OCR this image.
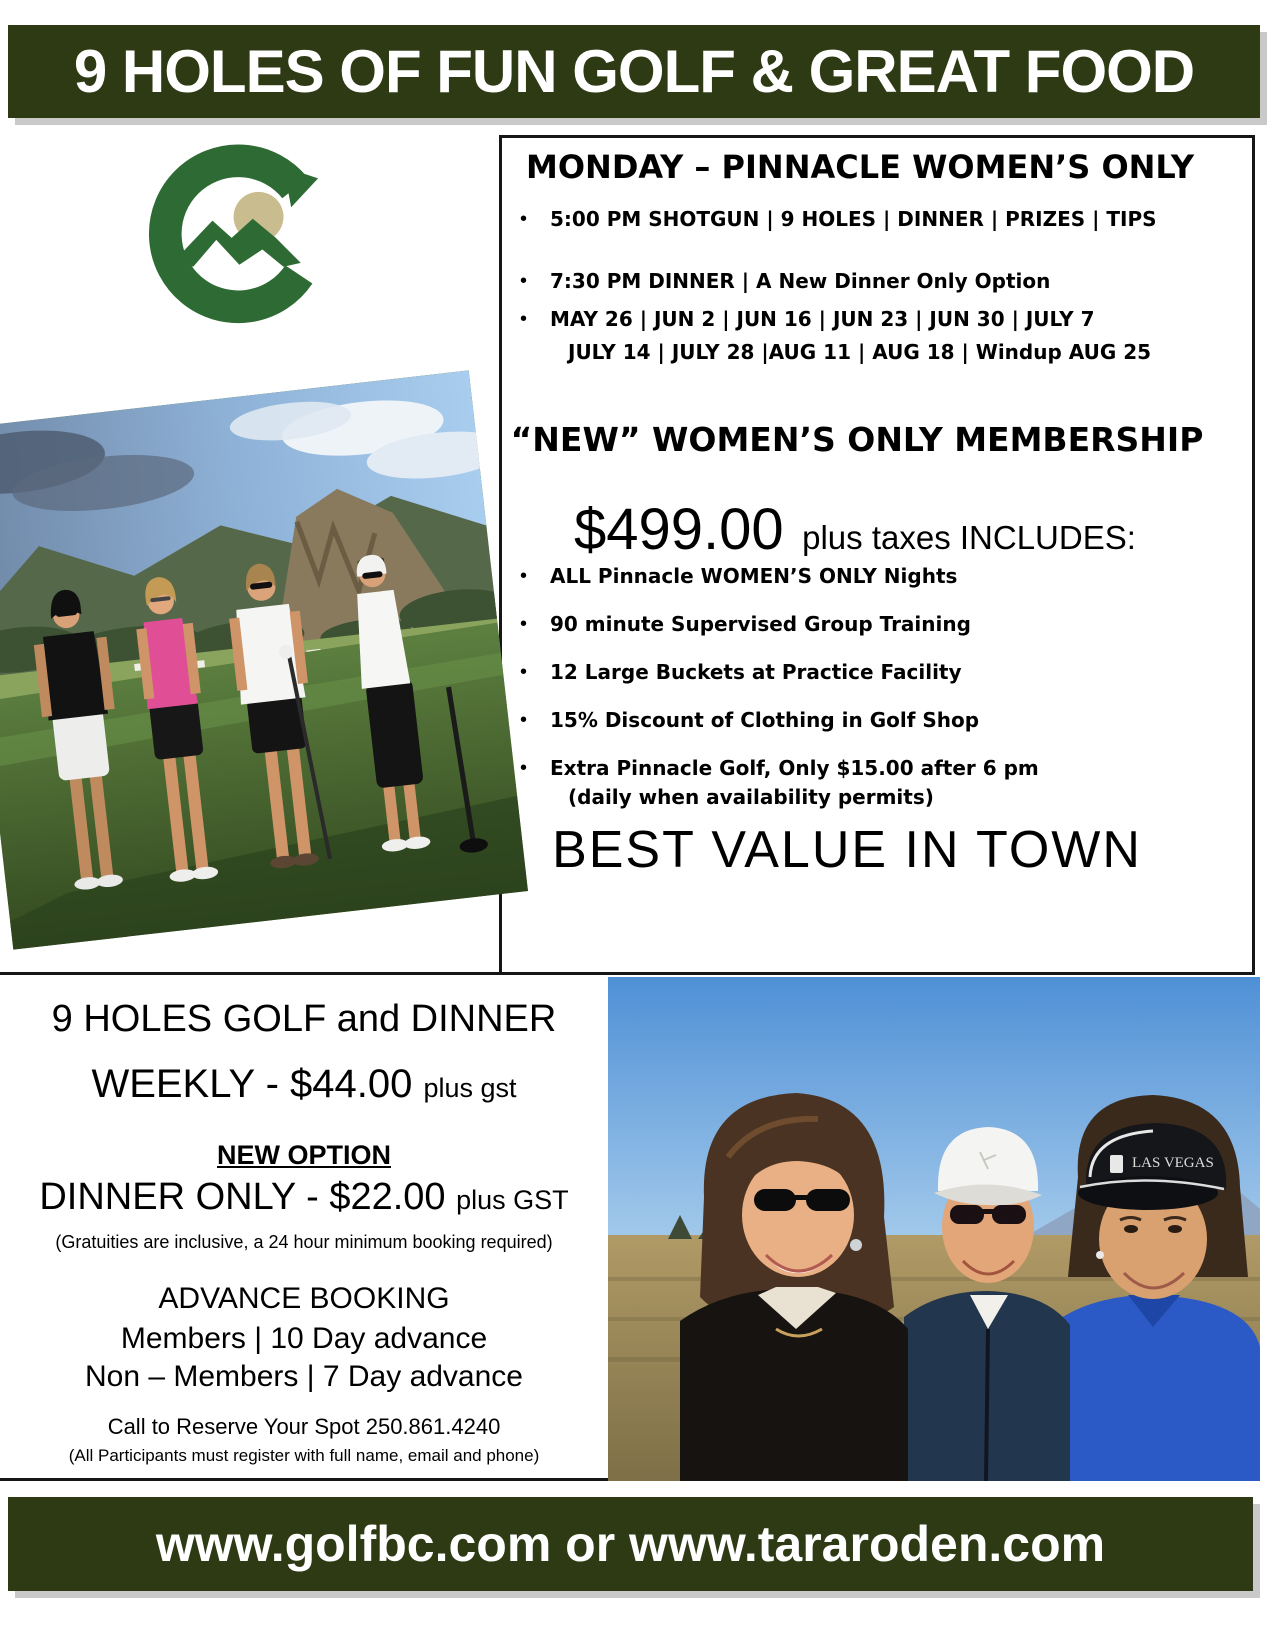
9 HOLES OF FUN GOLF & GREAT FOOD
MONDAY – PINNACLE WOMEN’S ONLY
•	5:00 PM SHOTGUN | 9 HOLES | DINNER | PRIZES | TIPS
•	7:30 PM DINNER | A New Dinner Only Option
•	MAY 26 | JUN 2 | JUN 16 | JUN 23 | JUN 30 | JULY 7
JULY 14 | JULY 28 |AUG 11 | AUG 18 | Windup AUG 25
“NEW” WOMEN’S ONLY MEMBERSHIP
$499.00 plus taxes INCLUDES:
•	ALL Pinnacle WOMEN’S ONLY Nights
•	90 minute Supervised Group Training
•	12 Large Buckets at Practice Facility
•	15% Discount of Clothing in Golf Shop
•	Extra Pinnacle Golf, Only $15.00 after 6 pm
(daily when availability permits)
BEST VALUE IN TOWN
9 HOLES GOLF and DINNER
WEEKLY - $44.00 plus gst
NEW OPTION
DINNER ONLY - $22.00 plus GST
(Gratuities are inclusive, a 24 hour minimum booking required)
ADVANCE BOOKING
Members | 10 Day advance
Non – Members | 7 Day advance
Call to Reserve Your Spot 250.861.4240
(All Participants must register with full name, email and phone)
LAS VEGAS
www.golfbc.com or www.tararoden.com
